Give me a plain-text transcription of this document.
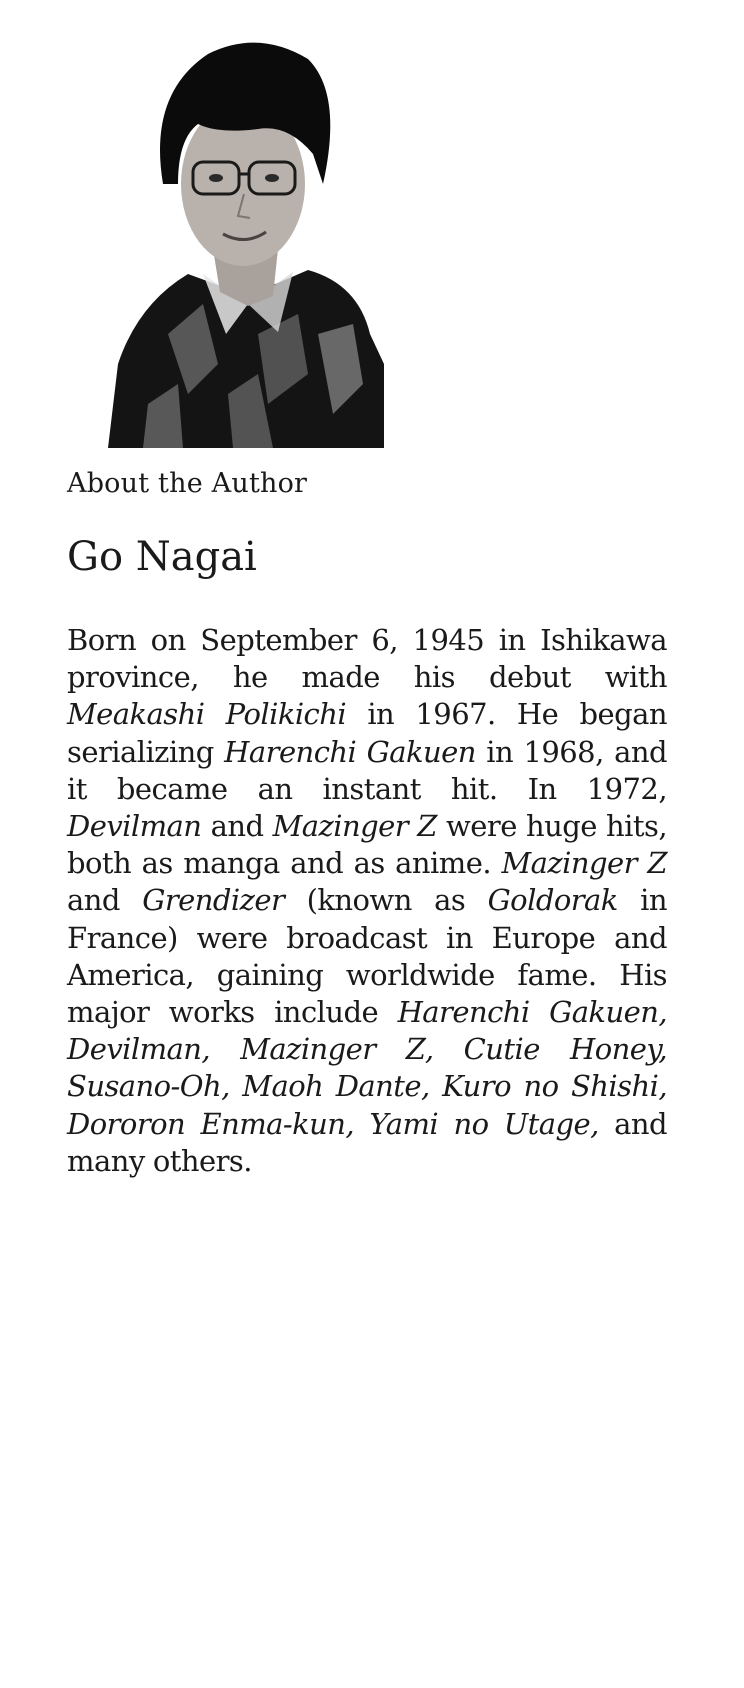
About the Author
Go Nagai

Born on September 6, 1945 in Ishikawa province, he made his debut with Meakashi Polikichi in 1967. He began serializing Harenchi Gakuen in 1968, and it became an instant hit. In 1972, Devilman and Mazinger Z were huge hits, both as manga and as anime. Mazinger Z and Grendizer (known as Goldorak in France) were broadcast in Europe and America, gaining worldwide fame. His major works include Harenchi Gakuen, Devilman, Mazinger Z, Cutie Honey, Susano-Oh, Maoh Dante, Kuro no Shishi, Dororon Enma-kun, Yami no Utage, and many others.
